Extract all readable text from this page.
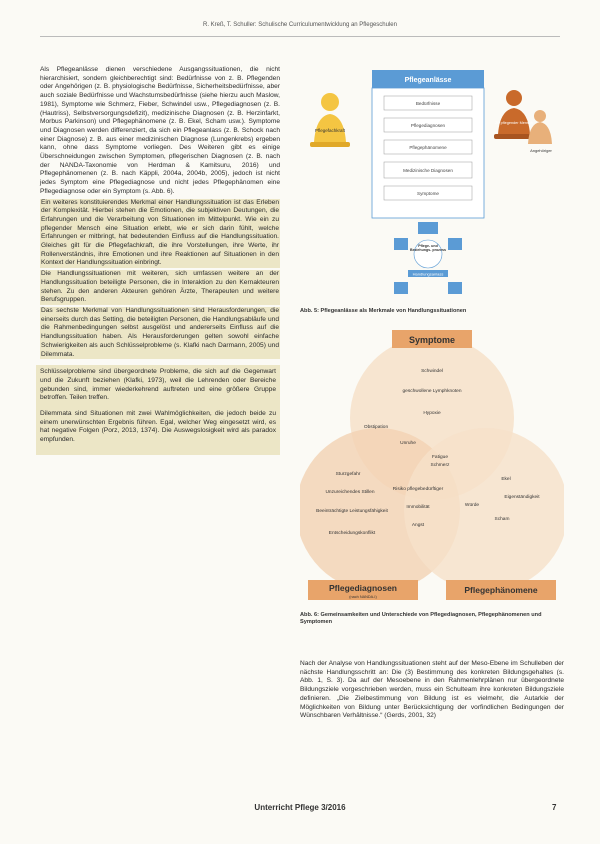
R. Kreß, T. Schuller: Schulische Curriculumentwicklung an Pflegeschulen

Als Pflegeanlässe dienen verschiedene Ausgangssituationen, die nicht hierarchisiert, sondern gleichberechtigt sind: Bedürfnisse von z. B. Pflegenden oder Angehörigen (z. B. physiologische Bedürfnisse, Sicherheitsbedürfnisse, aber auch soziale Bedürfnisse und Wachstumsbedürfnisse (siehe hierzu auch Maslow, 1981), Symptome wie Schmerz, Fieber, Schwindel usw., Pflegediagnosen (z. B. (Hautriss), Selbstversorgungsdefizit), medizinische Diagnosen (z. B. Herzinfarkt, Morbus Parkinson) und Pflegephänomene (z. B. Ekel, Scham usw.). Symptome und Diagnosen werden differenziert, da sich ein Pflegeanlass (z. B. Schock nach einer Diagnose) z. B. aus einer medizinischen Diagnose (Lungenkrebs) ergeben kann, ohne dass Symptome vorliegen. Des Weiteren gibt es einige Überschneidungen zwischen Symptomen, pflegerischen Diagnosen (z. B. nach der NANDA-Taxonomie von Herdman & Kamitsuru, 2016) und Pflegephänomenen (z. B. nach Käppli, 2004a, 2004b, 2005), jedoch ist nicht jedes Symptom eine Pflegediagnose und nicht jedes Pflegephänomen eine Pflegediagnose oder ein Symptom (s. Abb. 6).

Ein weiteres konstituierendes Merkmal einer Handlungssituation ist das Erleben der Komplexität. Hierbei stehen die Emotionen, die subjektiven Deutungen, die Erfahrungen und die Verarbeitung von Situationen im Mittelpunkt. Wie ein zu pflegender Mensch eine Situation erlebt, wie er sich darin fühlt, welche Erfahrungen er mitbringt, hat bedeutenden Einfluss auf die Handlungssituation. Gleiches gilt für die Pflegefachkraft, die ihre Vorstellungen, ihre Werte, ihr Rollenverständnis, ihre Emotionen und ihre Reaktionen auf Situationen in den Kontext der Handlungssituation einbringt.

Die Handlungssituationen mit weiteren, sich umfassen weitere an der Handlungssituation beteiligte Personen, die in Interaktion zu den Kernakteuren stehen. Zu den anderen Akteuren gehören Ärzte, Therapeuten und weitere Berufsgruppen.

Das sechste Merkmal von Handlungssituationen sind Herausforderungen, die einerseits durch das Setting, die beteiligten Personen, die Handlungsabläufe und die Rahmenbedingungen selbst ausgelöst und andererseits Einfluss auf die Handlungssituation haben. Als Herausforderungen gelten sowohl einfache Schwierigkeiten als auch Schlüsselprobleme (s. Klafki nach Darmann, 2005) und Dilemmata.

Schlüsselprobleme sind übergeordnete Probleme, die sich auf die Gegenwart und die Zukunft beziehen (Klafki, 1973), weil die Lehrenden oder Bereiche gebunden sind, immer wiederkehrend auftreten und eine größere Gruppe betroffen. Teilen treffen.

Dilemmata sind Situationen mit zwei Wahlmöglichkeiten, die jedoch beide zu einem unerwünschten Ergebnis führen. Egal, welcher Weg eingesetzt wird, es hat negative Folgen (Porz, 2013, 1374). Die Auswegslosigkeit wird als paradox empfunden.

Pflegeanlässe
Bedürfnisse
Pflegediagnosen
Pflegephänomene
Medizinische Diagnosen
Symptome
Pflegefachkraft
Zu pflegender Mensch
Angehöriger
Pflege- und Beziehungs- prozess
Handlungsanlass
Abb. 5: Pflegeanlässe als Merkmale von Handlungssituationen
Symptome
Schwindel
geschwollene Lymphknoten
Hypoxie
Obstipation
Unruhe
Fatigue
Schmerz
Sturzgefahr
Unzureichendes Stillen
Beeinträchtigte Leistungsfähigkeit
Entscheidungskonflikt
Risiko pflegebedürftiger
Immobilität
Angst
Ekel
Eigenständigkeit
Scham
Würde
Pflegediagnosen
(nach NANDA-I)
Pflegephänomene
Abb. 6: Gemeinsamkeiten und Unterschiede von Pflegediagnosen, Pflegephänomenen und Symptomen
Nach der Analyse von Handlungssituationen steht auf der Meso-Ebene im Schulleben der nächste Handlungsschritt an: Die (3) Bestimmung des konkreten Bildungsgehaltes (s. Abb. 1, S. 3). Da auf der Mesoebene in den Rahmenlehrplänen nur übergeordnete Bildungsziele vorgeschrieben werden, muss ein Schulteam ihre konkreten Bildungsziele definieren. „Die Zielbestimmung von Bildung ist es vielmehr, die Autarkie der Möglichkeiten von Bildung unter Berücksichtigung der vorfindlichen Bedingungen der Wünschbaren Verhältnisse.“ (Gerds, 2001, 32)
Unterricht Pflege 3/2016	7
